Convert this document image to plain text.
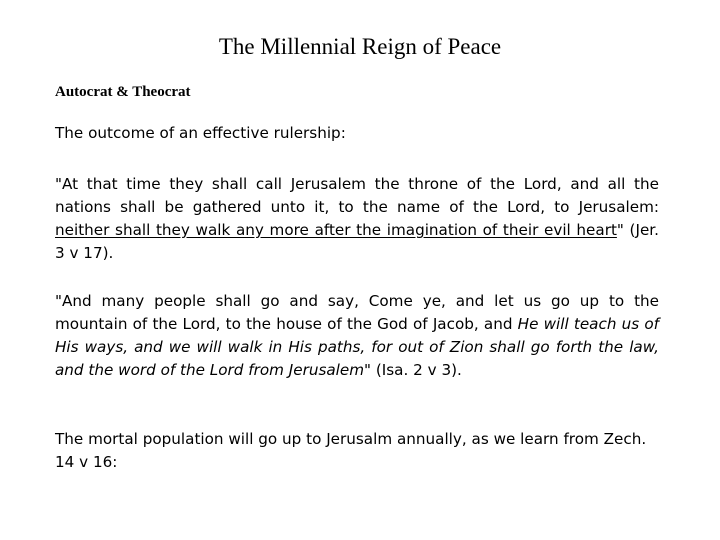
The Millennial Reign of Peace
Autocrat & Theocrat

The outcome of an effective rulership:

"At that time they shall call Jerusalem the throne of the Lord, and all the nations shall be gathered unto it, to the name of the Lord, to Jerusalem: neither shall they walk any more after the imagination of their evil heart" (Jer. 3 v 17).

"And many people shall go and say, Come ye, and let us go up to the mountain of the Lord, to the house of the God of Jacob, and He will teach us of His ways, and we will walk in His paths, for out of Zion shall go forth the law, and the word of the Lord from Jerusalem" (Isa. 2 v 3).

The mortal population will go up to Jerusalm annually, as we learn from Zech. 14 v 16:
